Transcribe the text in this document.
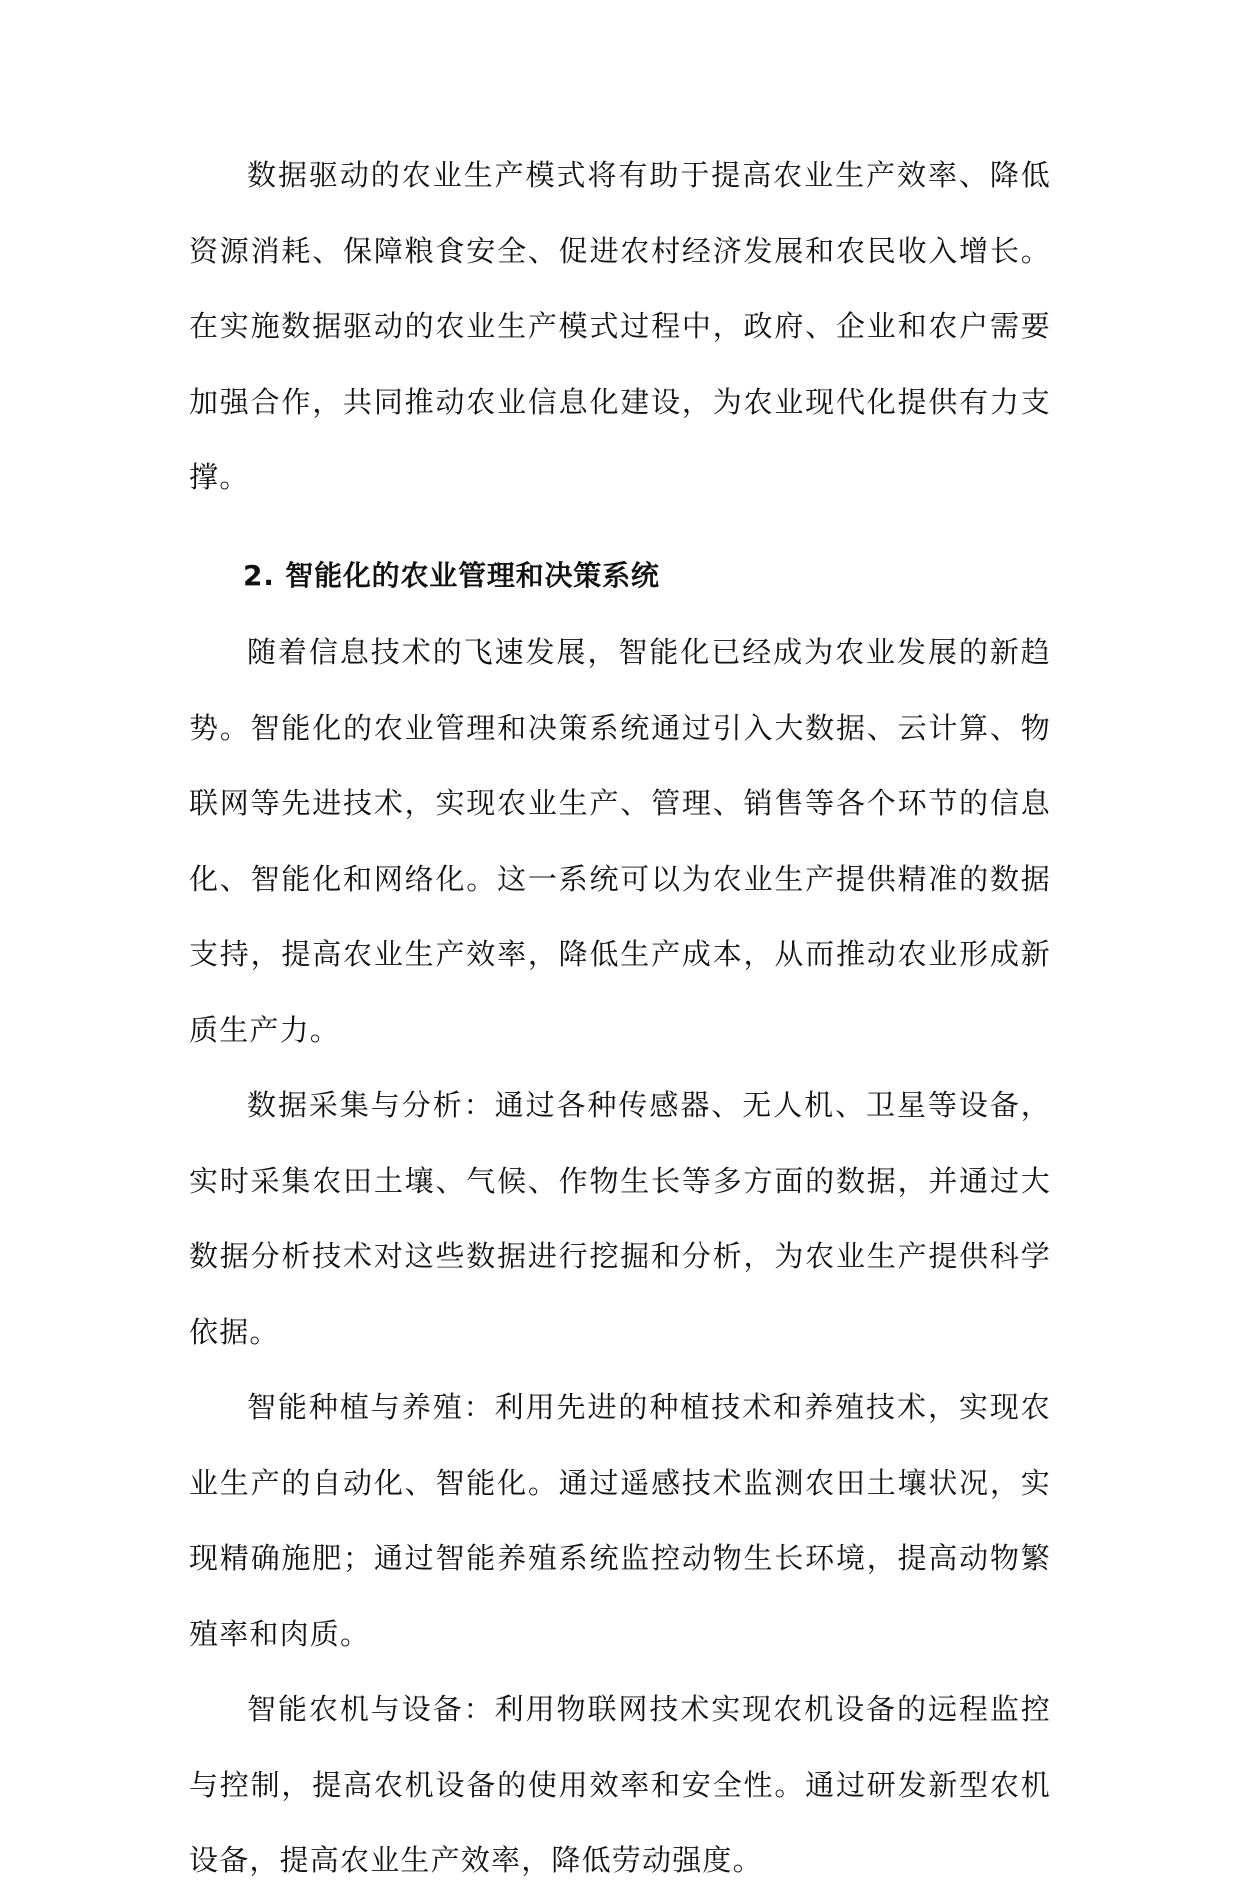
数据驱动的农业生产模式将有助于提高农业生产效率、降低资源消耗、保障粮食安全、促进农村经济发展和农民收入增长。在实施数据驱动的农业生产模式过程中，政府、企业和农户需要加强合作，共同推动农业信息化建设，为农业现代化提供有力支撑。

2. 智能化的农业管理和决策系统

随着信息技术的飞速发展，智能化已经成为农业发展的新趋势。智能化的农业管理和决策系统通过引入大数据、云计算、物联网等先进技术，实现农业生产、管理、销售等各个环节的信息化、智能化和网络化。这一系统可以为农业生产提供精准的数据支持，提高农业生产效率，降低生产成本，从而推动农业形成新质生产力。

数据采集与分析：通过各种传感器、无人机、卫星等设备，实时采集农田土壤、气候、作物生长等多方面的数据，并通过大数据分析技术对这些数据进行挖掘和分析，为农业生产提供科学依据。

智能种植与养殖：利用先进的种植技术和养殖技术，实现农业生产的自动化、智能化。通过遥感技术监测农田土壤状况，实现精确施肥；通过智能养殖系统监控动物生长环境，提高动物繁殖率和肉质。

智能农机与设备：利用物联网技术实现农机设备的远程监控与控制，提高农机设备的使用效率和安全性。通过研发新型农机设备，提高农业生产效率，降低劳动强度。
